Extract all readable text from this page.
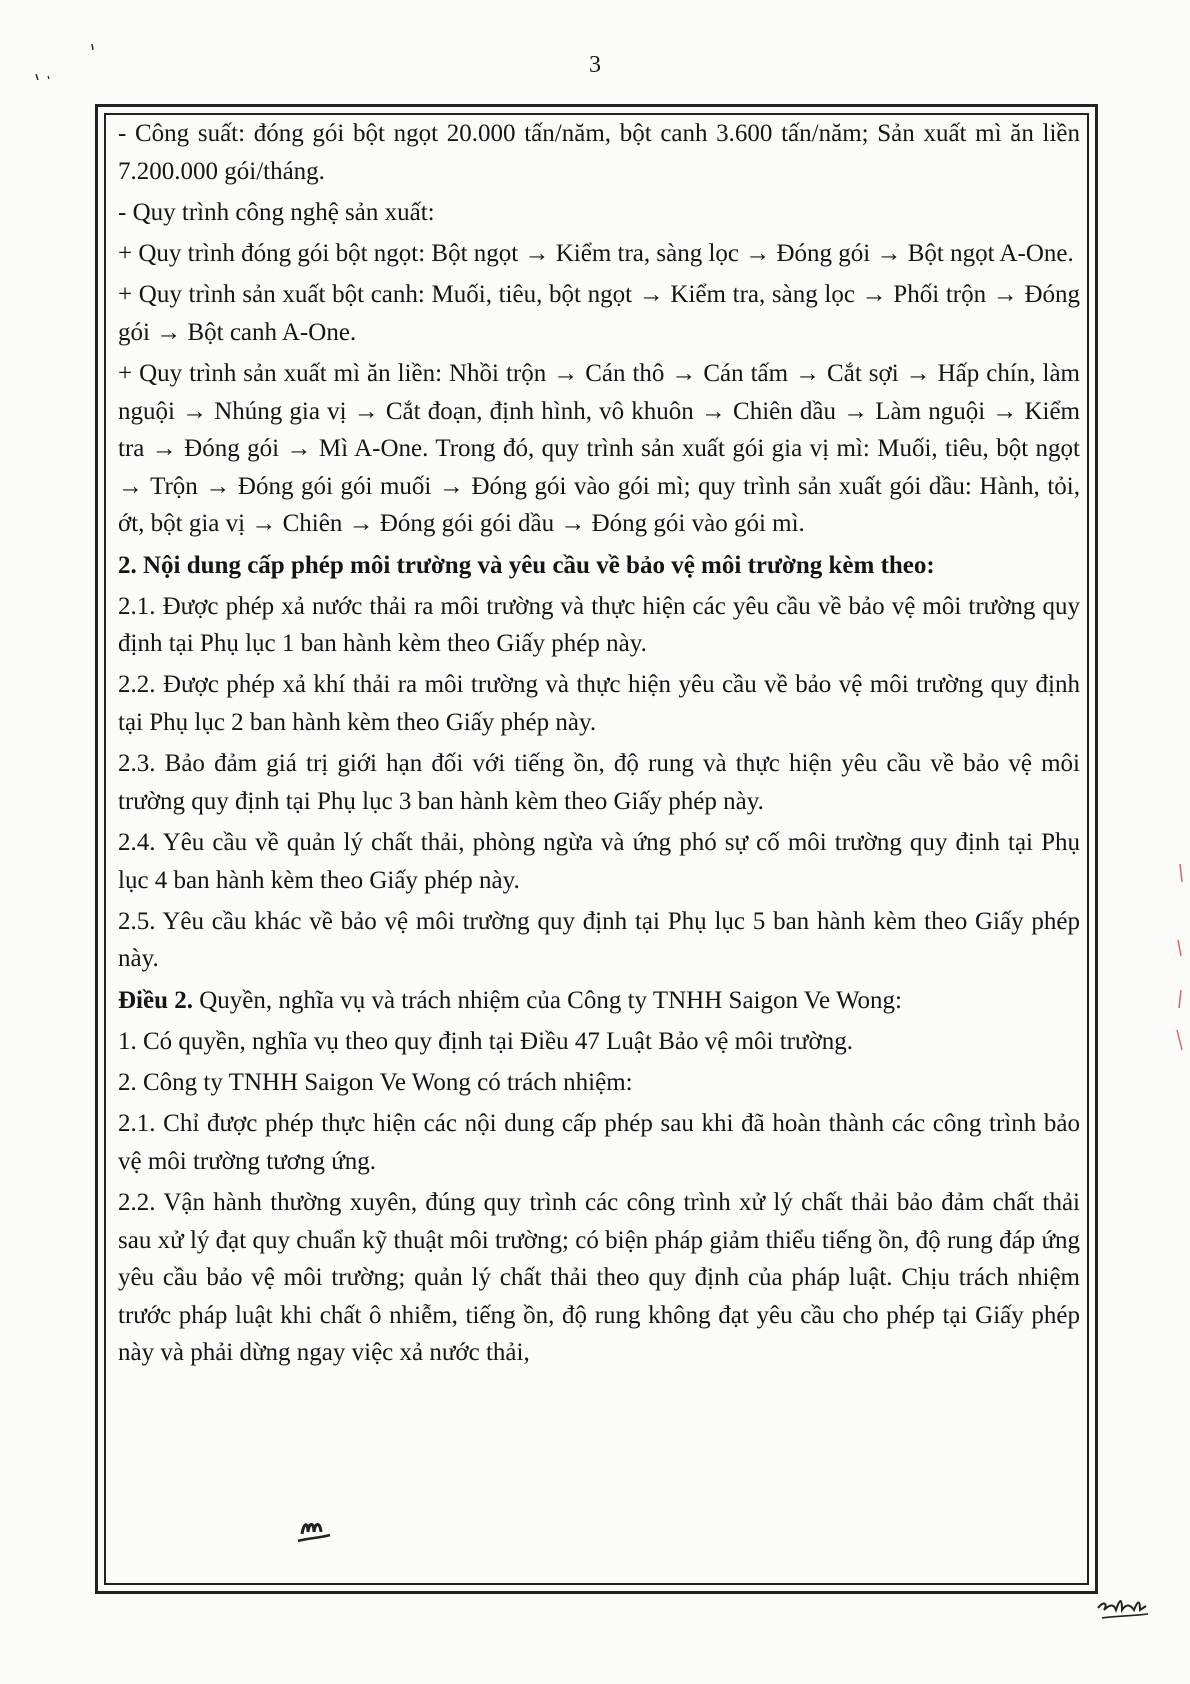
3

- Công suất: đóng gói bột ngọt 20.000 tấn/năm, bột canh 3.600 tấn/năm; Sản xuất mì ăn liền 7.200.000 gói/tháng.

- Quy trình công nghệ sản xuất:

+ Quy trình đóng gói bột ngọt: Bột ngọt → Kiểm tra, sàng lọc → Đóng gói → Bột ngọt A-One.

+ Quy trình sản xuất bột canh: Muối, tiêu, bột ngọt → Kiểm tra, sàng lọc → Phối trộn → Đóng gói → Bột canh A-One.

+ Quy trình sản xuất mì ăn liền: Nhồi trộn → Cán thô → Cán tấm → Cắt sợi → Hấp chín, làm nguội → Nhúng gia vị → Cắt đoạn, định hình, vô khuôn → Chiên dầu → Làm nguội → Kiểm tra → Đóng gói → Mì A-One. Trong đó, quy trình sản xuất gói gia vị mì: Muối, tiêu, bột ngọt → Trộn → Đóng gói gói muối → Đóng gói vào gói mì; quy trình sản xuất gói dầu: Hành, tỏi, ớt, bột gia vị → Chiên → Đóng gói gói dầu → Đóng gói vào gói mì.

2. Nội dung cấp phép môi trường và yêu cầu về bảo vệ môi trường kèm theo:

2.1. Được phép xả nước thải ra môi trường và thực hiện các yêu cầu về bảo vệ môi trường quy định tại Phụ lục 1 ban hành kèm theo Giấy phép này.

2.2. Được phép xả khí thải ra môi trường và thực hiện yêu cầu về bảo vệ môi trường quy định tại Phụ lục 2 ban hành kèm theo Giấy phép này.

2.3. Bảo đảm giá trị giới hạn đối với tiếng ồn, độ rung và thực hiện yêu cầu về bảo vệ môi trường quy định tại Phụ lục 3 ban hành kèm theo Giấy phép này.

2.4. Yêu cầu về quản lý chất thải, phòng ngừa và ứng phó sự cố môi trường quy định tại Phụ lục 4 ban hành kèm theo Giấy phép này.

2.5. Yêu cầu khác về bảo vệ môi trường quy định tại Phụ lục 5 ban hành kèm theo Giấy phép này.

Điều 2. Quyền, nghĩa vụ và trách nhiệm của Công ty TNHH Saigon Ve Wong:

1. Có quyền, nghĩa vụ theo quy định tại Điều 47 Luật Bảo vệ môi trường.

2. Công ty TNHH Saigon Ve Wong có trách nhiệm:

2.1. Chỉ được phép thực hiện các nội dung cấp phép sau khi đã hoàn thành các công trình bảo vệ môi trường tương ứng.

2.2. Vận hành thường xuyên, đúng quy trình các công trình xử lý chất thải bảo đảm chất thải sau xử lý đạt quy chuẩn kỹ thuật môi trường; có biện pháp giảm thiểu tiếng ồn, độ rung đáp ứng yêu cầu bảo vệ môi trường; quản lý chất thải theo quy định của pháp luật. Chịu trách nhiệm trước pháp luật khi chất ô nhiễm, tiếng ồn, độ rung không đạt yêu cầu cho phép tại Giấy phép này và phải dừng ngay việc xả nước thải,
